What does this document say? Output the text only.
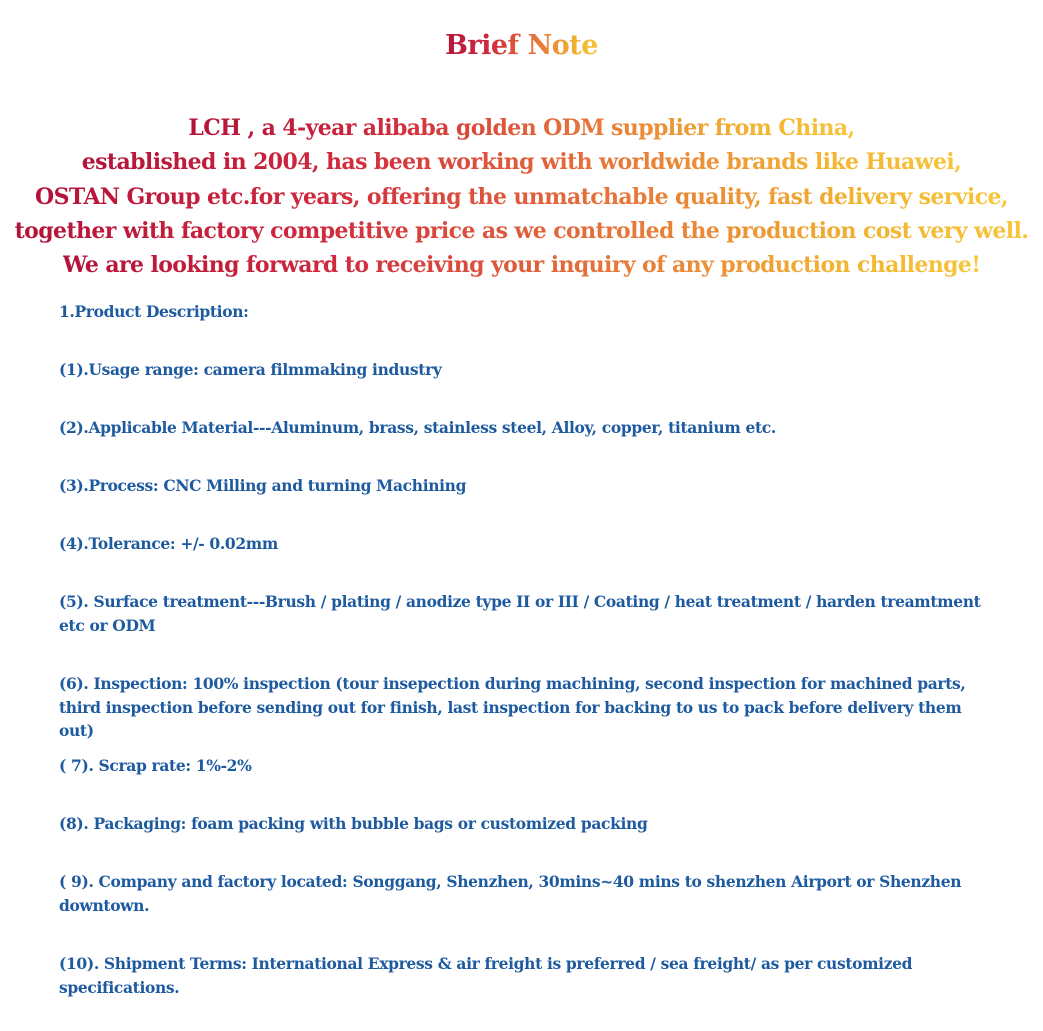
Brief Note
LCH , a 4-year alibaba golden ODM supplier from China,
established in 2004, has been working with worldwide brands like Huawei,
OSTAN Group etc.for years, offering the unmatchable quality, fast delivery service,
together with factory competitive price as we controlled the production cost very well.
We are looking forward to receiving your inquiry of any production challenge!
1.Product Description:
(1).Usage range: camera filmmaking industry
(2).Applicable Material---Aluminum, brass, stainless steel, Alloy, copper, titanium etc.
(3).Process: CNC Milling and turning Machining
(4).Tolerance: +/- 0.02mm
(5). Surface treatment---Brush / plating / anodize type II or III / Coating / heat treatment / harden treamtment etc or ODM
(6). Inspection: 100% inspection (tour insepection during machining, second inspection for machined parts, third inspection before sending out for finish, last inspection for backing to us to pack before delivery them out)
( 7). Scrap rate: 1%-2%
(8). Packaging: foam packing with bubble bags or customized packing
( 9). Company and factory located: Songgang, Shenzhen, 30mins~40 mins to shenzhen Airport or Shenzhen downtown.
(10). Shipment Terms: International Express & air freight is preferred / sea freight/ as per customized specifications.
